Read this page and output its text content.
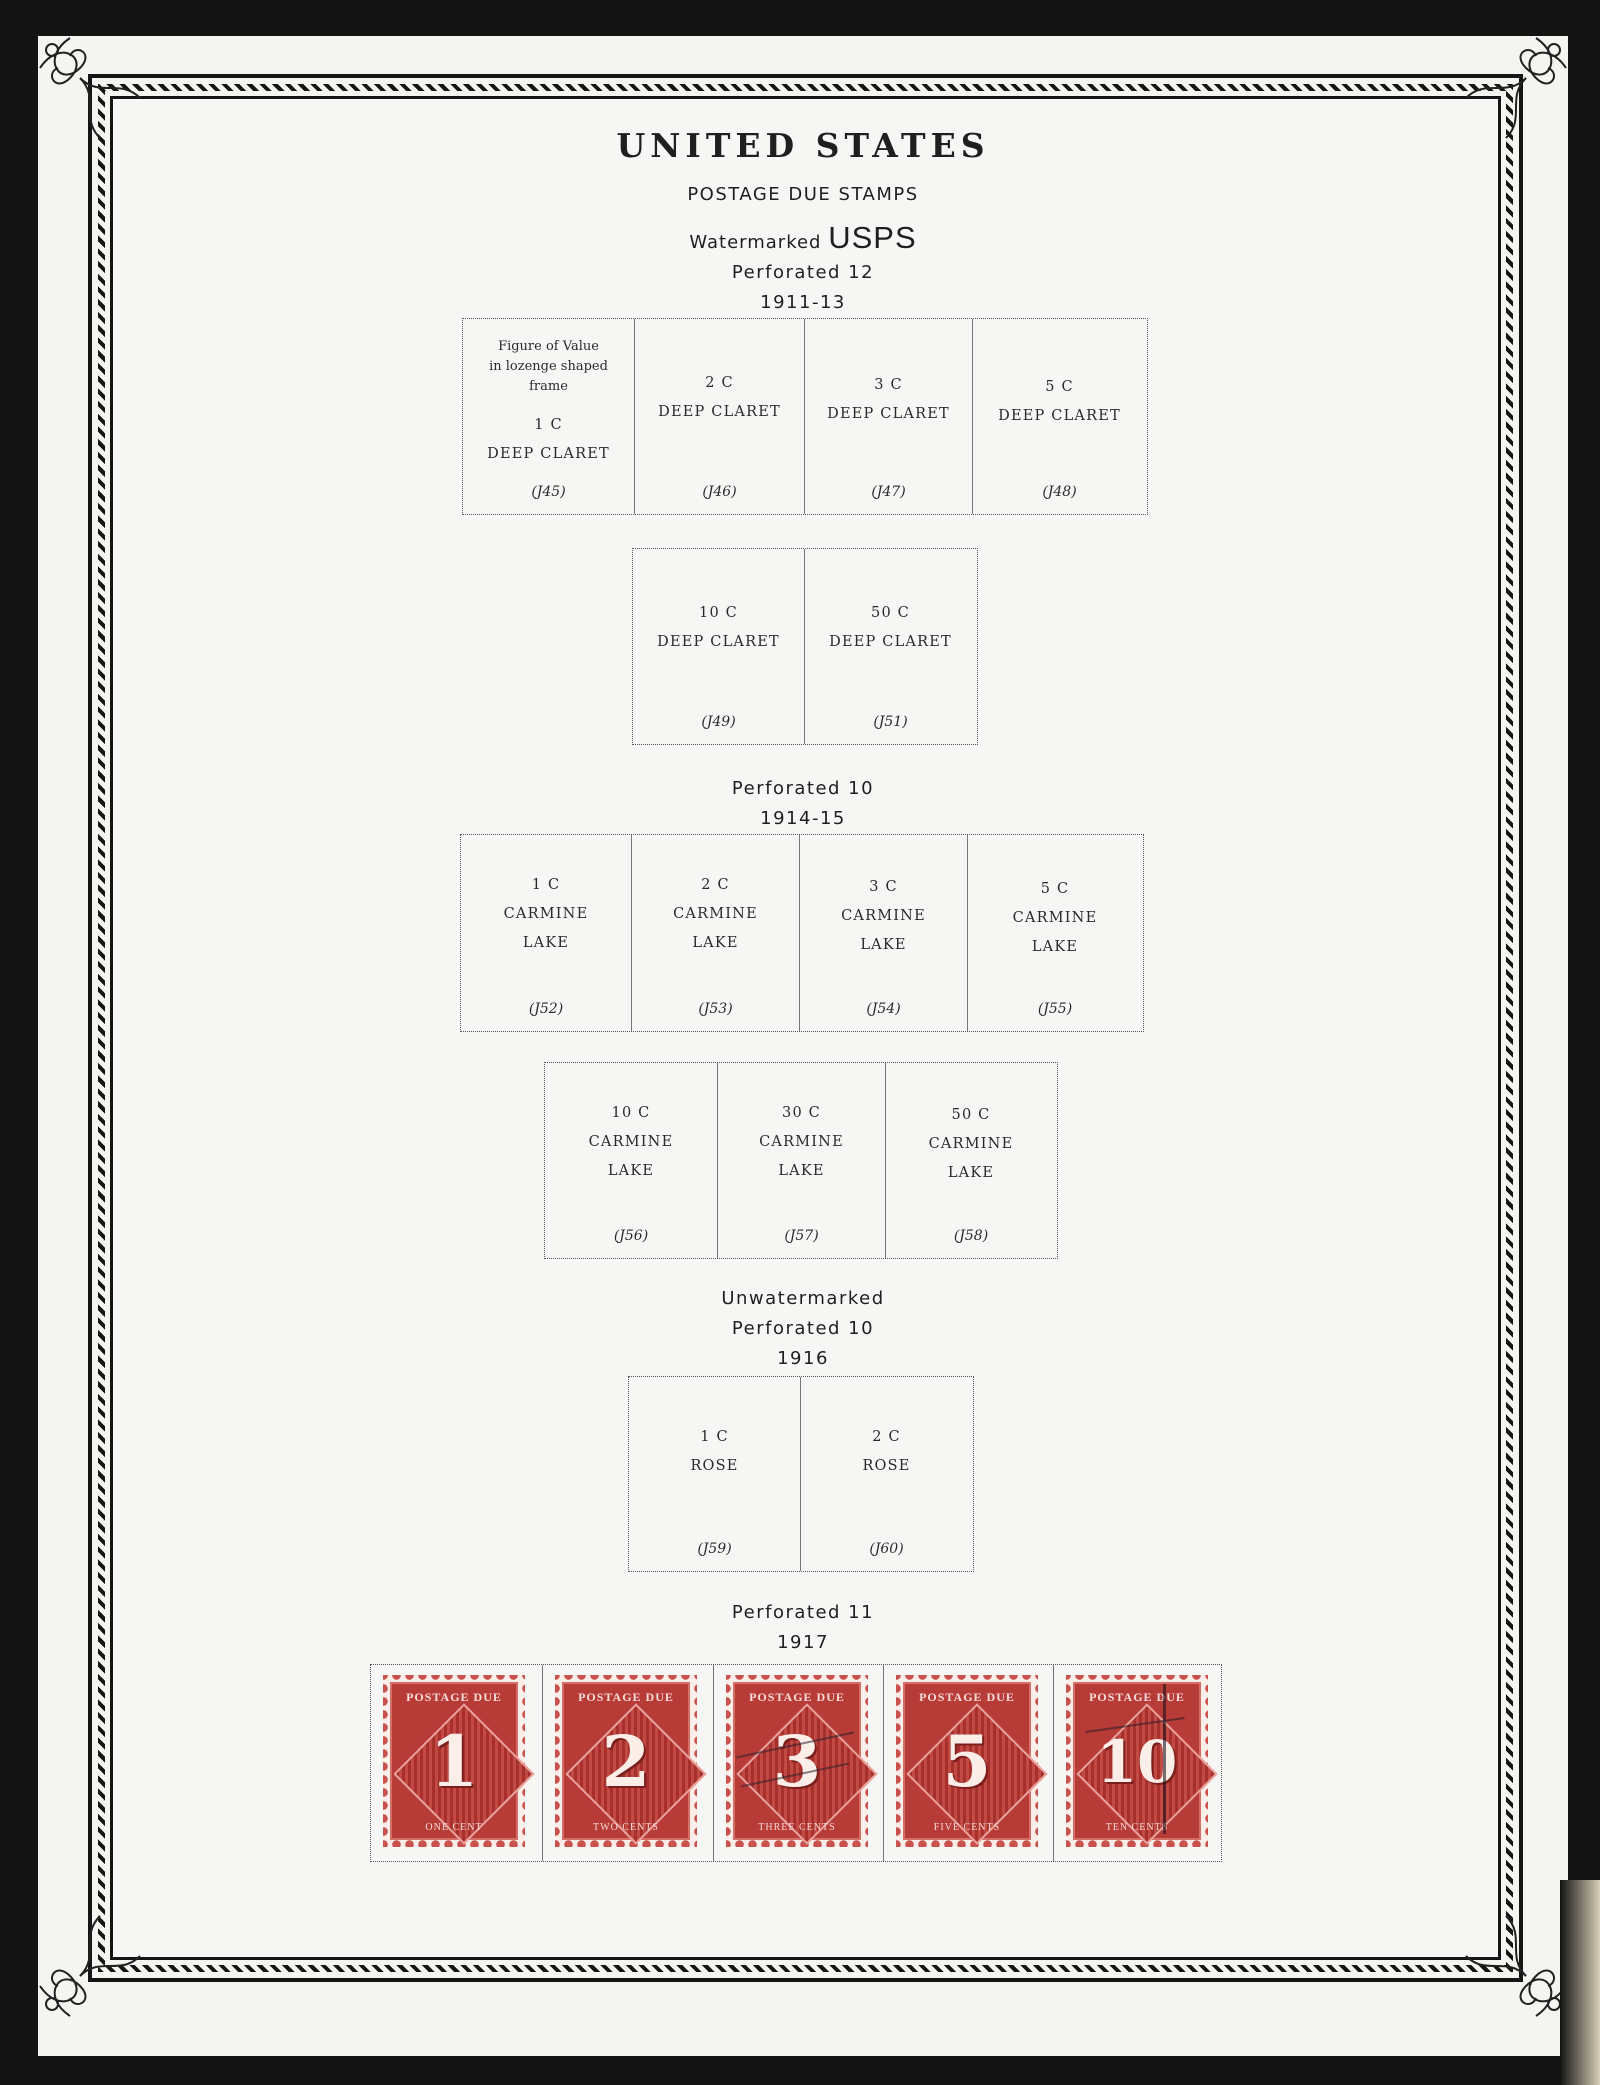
UNITED STATES
POSTAGE DUE STAMPS
Watermarked USPS
Perforated 12
1911-13
Figure of Value
in lozenge shaped
frame
1 C
DEEP CLARET
(J45)
2 C
DEEP CLARET
(J46)
3 C
DEEP CLARET
(J47)
5 C
DEEP CLARET
(J48)
10 C
DEEP CLARET
(J49)
50 C
DEEP CLARET
(J51)
Perforated 10
1914-15
1 C
CARMINE
LAKE
(J52)
2 C
CARMINE
LAKE
(J53)
3 C
CARMINE
LAKE
(J54)
5 C
CARMINE
LAKE
(J55)
10 C
CARMINE
LAKE
(J56)
30 C
CARMINE
LAKE
(J57)
50 C
CARMINE
LAKE
(J58)
Unwatermarked
Perforated 10
1916
1 C
ROSE
(J59)
2 C
ROSE
(J60)
Perforated 11
1917
POSTAGE DUE
1
ONE CENT
POSTAGE DUE
2
TWO CENTS
POSTAGE DUE
3
THREE CENTS
POSTAGE DUE
5
FIVE CENTS
POSTAGE DUE
10
TEN CENTS
